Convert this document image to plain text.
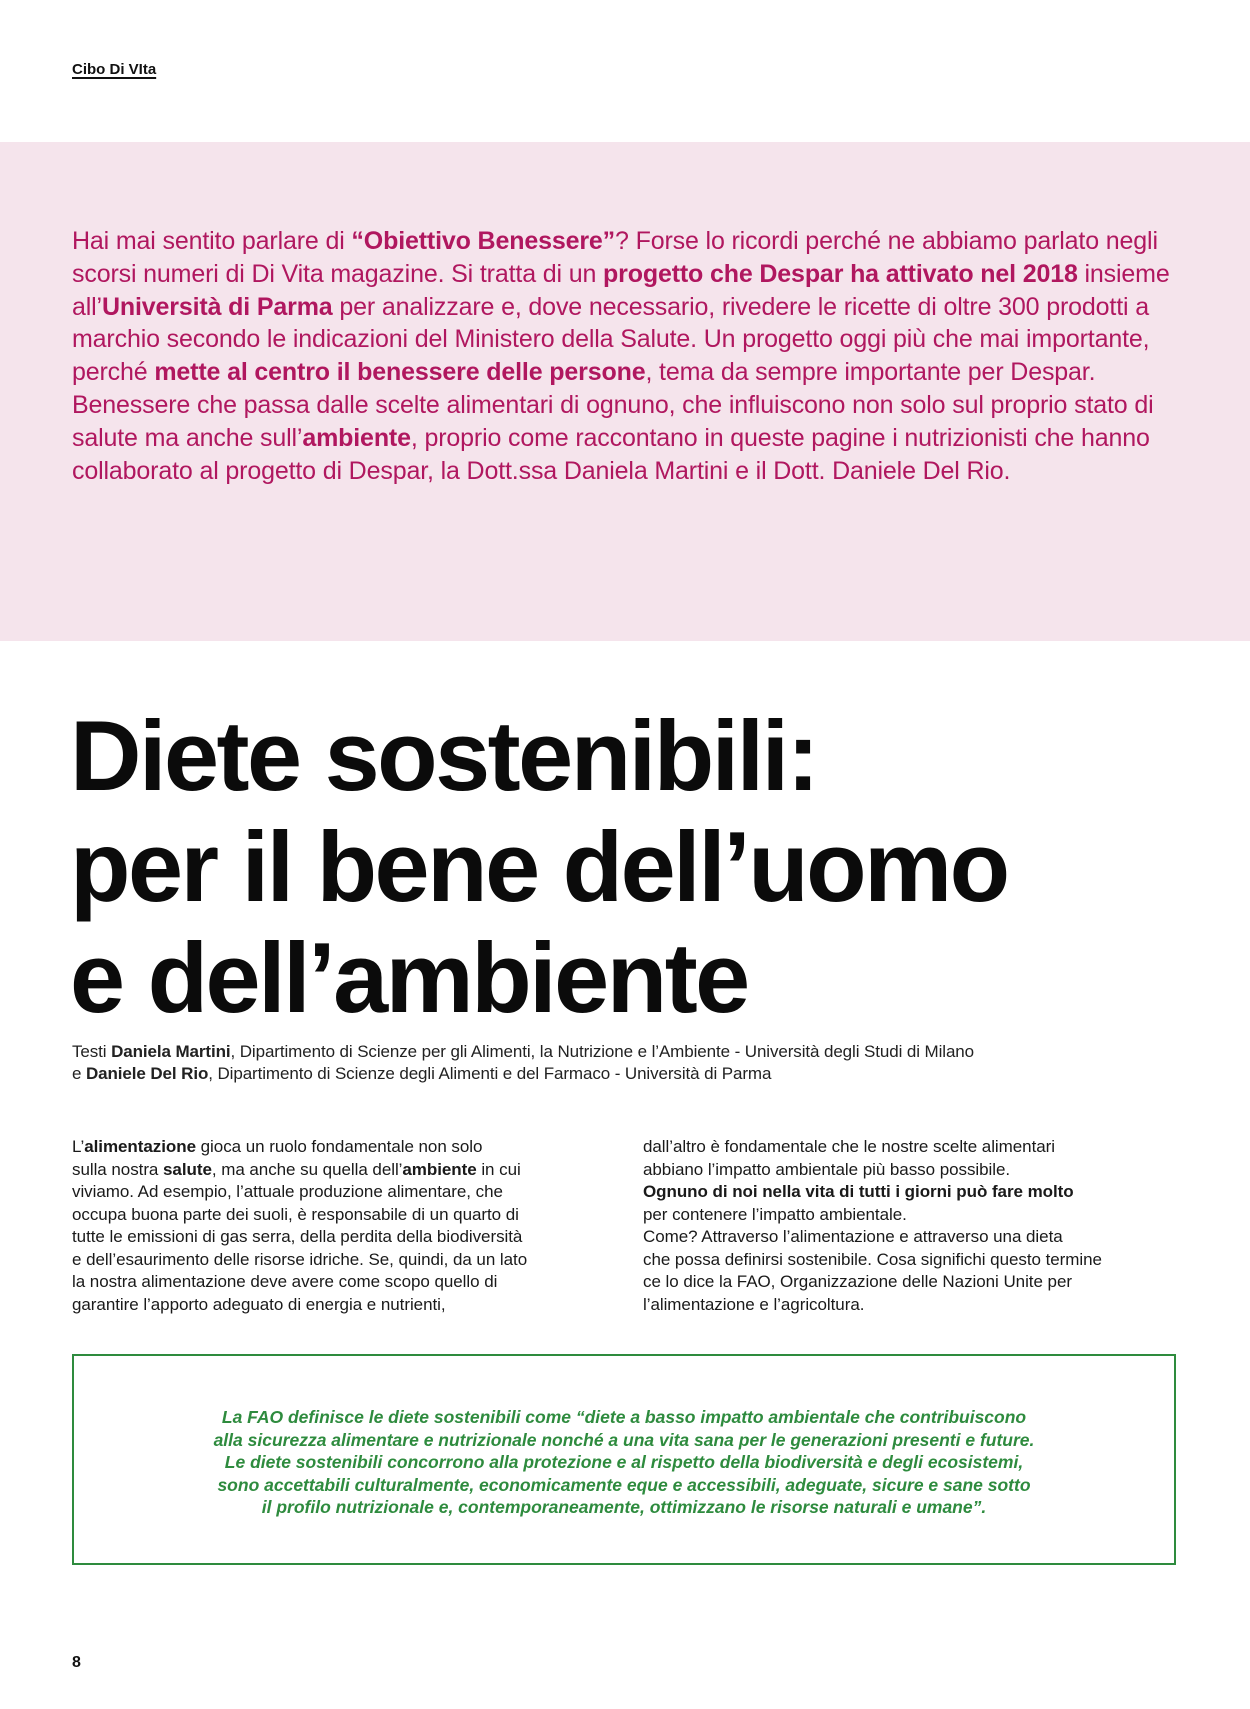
Cibo Di VIta
Hai mai sentito parlare di “Obiettivo Benessere”? Forse lo ricordi perché ne abbiamo parlato negli scorsi numeri di Di Vita magazine. Si tratta di un progetto che Despar ha attivato nel 2018 insieme all’Università di Parma per analizzare e, dove necessario, rivedere le ricette di oltre 300 prodotti a marchio secondo le indicazioni del Ministero della Salute. Un progetto oggi più che mai importante, perché mette al centro il benessere delle persone, tema da sempre importante per Despar. Benessere che passa dalle scelte alimentari di ognuno, che influiscono non solo sul proprio stato di salute ma anche sull’ambiente, proprio come raccontano in queste pagine i nutrizionisti che hanno collaborato al progetto di Despar, la Dott.ssa Daniela Martini e il Dott. Daniele Del Rio.
Diete sostenibili:
per il bene dell’uomo
e dell’ambiente
Testi Daniela Martini, Dipartimento di Scienze per gli Alimenti, la Nutrizione e l’Ambiente - Università degli Studi di Milano
e Daniele Del Rio, Dipartimento di Scienze degli Alimenti e del Farmaco - Università di Parma
L’alimentazione gioca un ruolo fondamentale non solo
sulla nostra salute, ma anche su quella dell’ambiente in cui
viviamo. Ad esempio, l’attuale produzione alimentare, che
occupa buona parte dei suoli, è responsabile di un quarto di
tutte le emissioni di gas serra, della perdita della biodiversità
e dell’esaurimento delle risorse idriche. Se, quindi, da un lato
la nostra alimentazione deve avere come scopo quello di
garantire l’apporto adeguato di energia e nutrienti,
dall’altro è fondamentale che le nostre scelte alimentari
abbiano l’impatto ambientale più basso possibile.
Ognuno di noi nella vita di tutti i giorni può fare molto
per contenere l’impatto ambientale.
Come? Attraverso l’alimentazione e attraverso una dieta
che possa definirsi sostenibile. Cosa significhi questo termine
ce lo dice la FAO, Organizzazione delle Nazioni Unite per
l’alimentazione e l’agricoltura.
La FAO definisce le diete sostenibili come “diete a basso impatto ambientale che contribuiscono
alla sicurezza alimentare e nutrizionale nonché a una vita sana per le generazioni presenti e future.
Le diete sostenibili concorrono alla protezione e al rispetto della biodiversità e degli ecosistemi,
sono accettabili culturalmente, economicamente eque e accessibili, adeguate, sicure e sane sotto
il profilo nutrizionale e, contemporaneamente, ottimizzano le risorse naturali e umane”.
8
